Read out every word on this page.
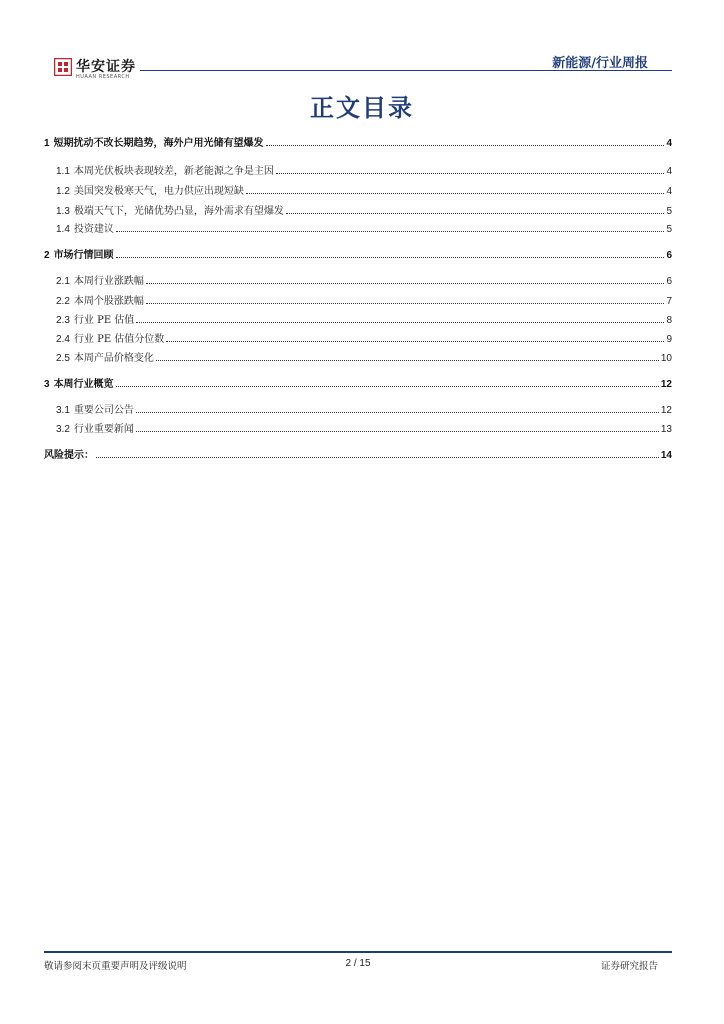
华安证券
HUAAN RESEARCH
新能源/行业周报
正文目录
1 短期扰动不改长期趋势，海外户用光储有望爆发	4
1.1 本周光伏板块表现较差，新老能源之争是主因	4
1.2 美国突发极寒天气，电力供应出现短缺	4
1.3 极端天气下，光储优势凸显，海外需求有望爆发	5
1.4 投资建议	5
2 市场行情回顾	6
2.1 本周行业涨跌幅	6
2.2 本周个股涨跌幅	7
2.3 行业 PE 估值	8
2.4 行业 PE 估值分位数	9
2.5 本周产品价格变化	10
3 本周行业概览	12
3.1 重要公司公告	12
3.2 行业重要新闻	13
风险提示：	14
敬请参阅末页重要声明及评级说明	2 / 15	证券研究报告
